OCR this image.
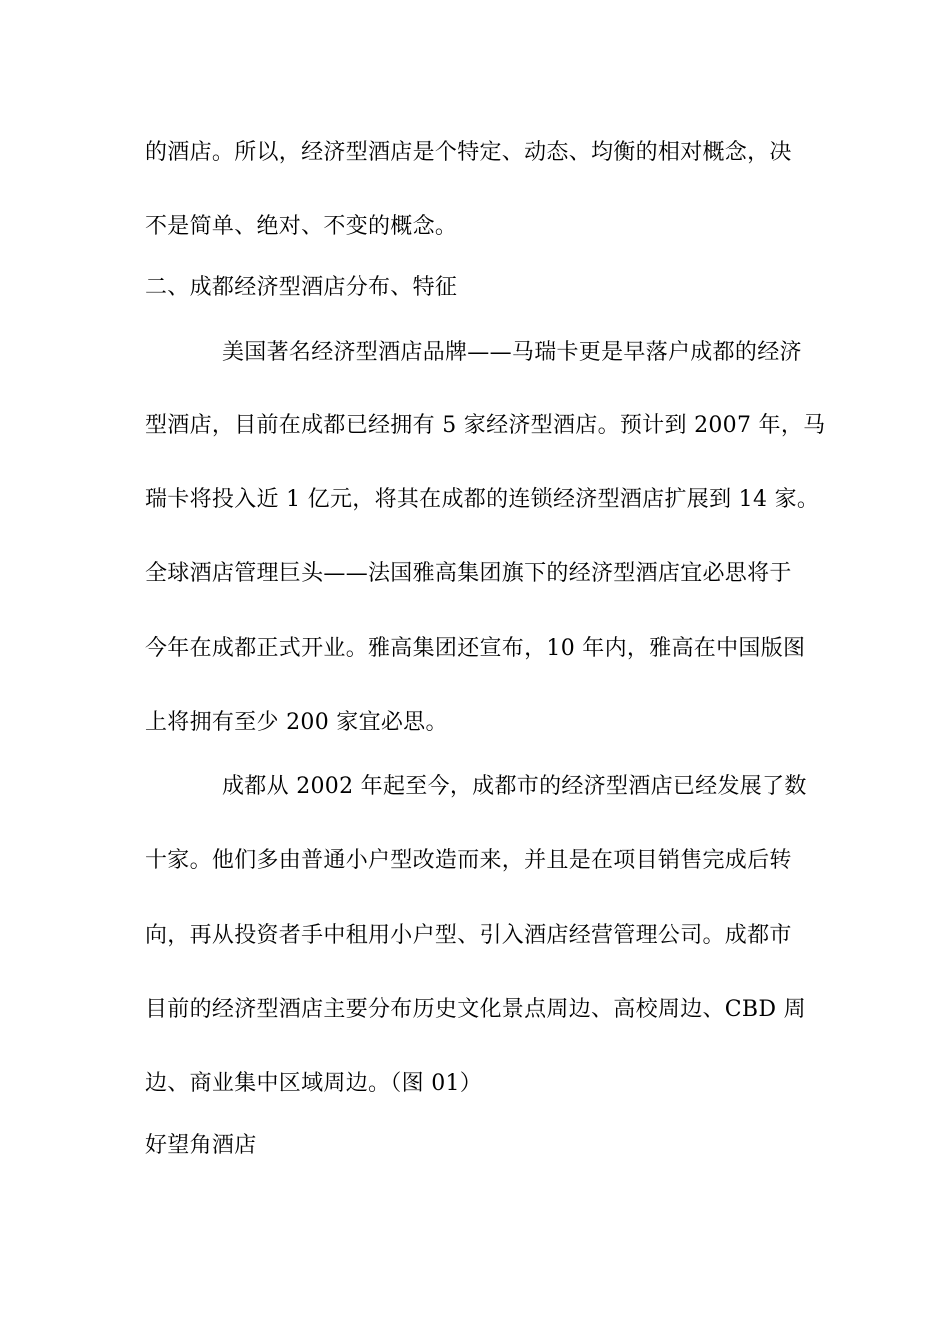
的酒店。所以，经济型酒店是个特定、动态、均衡的相对概念，决
不是简单、绝对、不变的概念。
二、成都经济型酒店分布、特征
美国著名经济型酒店品牌——马瑞卡更是早落户成都的经济
型酒店，目前在成都已经拥有 5 家经济型酒店。预计到 2007 年，马
瑞卡将投入近 1 亿元，将其在成都的连锁经济型酒店扩展到 14 家。
全球酒店管理巨头——法国雅高集团旗下的经济型酒店宜必思将于
今年在成都正式开业。雅高集团还宣布，10 年内，雅高在中国版图
上将拥有至少 200 家宜必思。
成都从 2002 年起至今，成都市的经济型酒店已经发展了数
十家。他们多由普通小户型改造而来，并且是在项目销售完成后转
向，再从投资者手中租用小户型、引入酒店经营管理公司。成都市
目前的经济型酒店主要分布历史文化景点周边、高校周边、CBD 周
边、商业集中区域周边。（图 01）
好望角酒店
